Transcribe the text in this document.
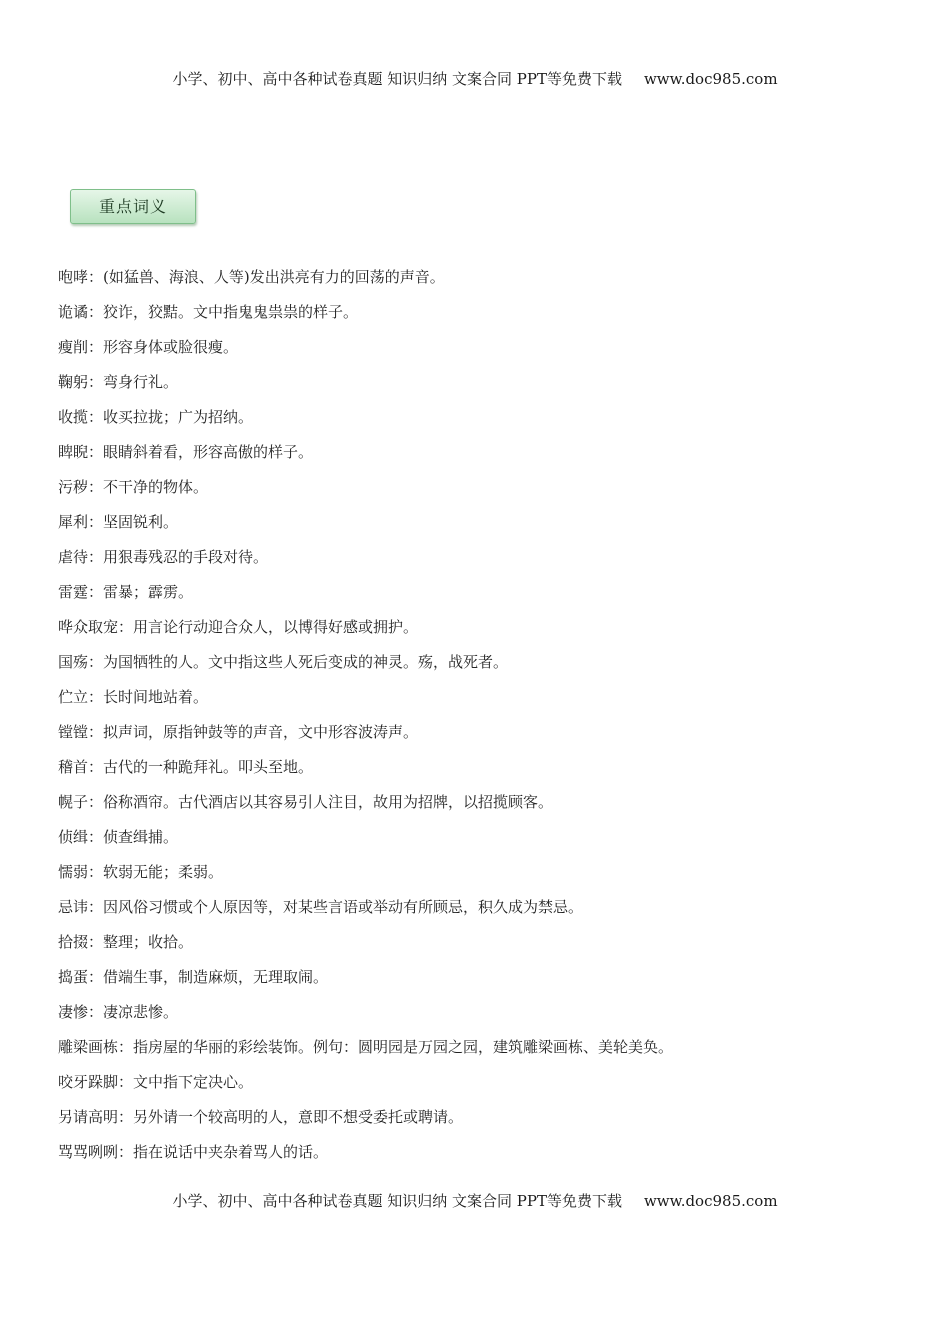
小学、初中、高中各种试卷真题 知识归纳 文案合同 PPT等免费下载 www.doc985.com
重点词义
咆哮：(如猛兽、海浪、人等)发出洪亮有力的回荡的声音。
诡谲：狡诈，狡黠。文中指鬼鬼祟祟的样子。
瘦削：形容身体或脸很瘦。
鞠躬：弯身行礼。
收揽：收买拉拢；广为招纳。
睥睨：眼睛斜着看，形容高傲的样子。
污秽：不干净的物体。
犀利：坚固锐利。
虐待：用狠毒残忍的手段对待。
雷霆：雷暴；霹雳。
哗众取宠：用言论行动迎合众人，以博得好感或拥护。
国殇：为国牺牲的人。文中指这些人死后变成的神灵。殇，战死者。
伫立：长时间地站着。
镗镗：拟声词，原指钟鼓等的声音，文中形容波涛声。
稽首：古代的一种跪拜礼。叩头至地。
幌子：俗称酒帘。古代酒店以其容易引人注目，故用为招牌，以招揽顾客。
侦缉：侦查缉捕。
懦弱：软弱无能；柔弱。
忌讳：因风俗习惯或个人原因等，对某些言语或举动有所顾忌，积久成为禁忌。
拾掇：整理；收拾。
捣蛋：借端生事，制造麻烦，无理取闹。
凄惨：凄凉悲惨。
雕梁画栋：指房屋的华丽的彩绘装饰。例句：圆明园是万园之园，建筑雕梁画栋、美轮美奂。
咬牙跺脚：文中指下定决心。
另请高明：另外请一个较高明的人，意即不想受委托或聘请。
骂骂咧咧：指在说话中夹杂着骂人的话。
小学、初中、高中各种试卷真题 知识归纳 文案合同 PPT等免费下载 www.doc985.com
